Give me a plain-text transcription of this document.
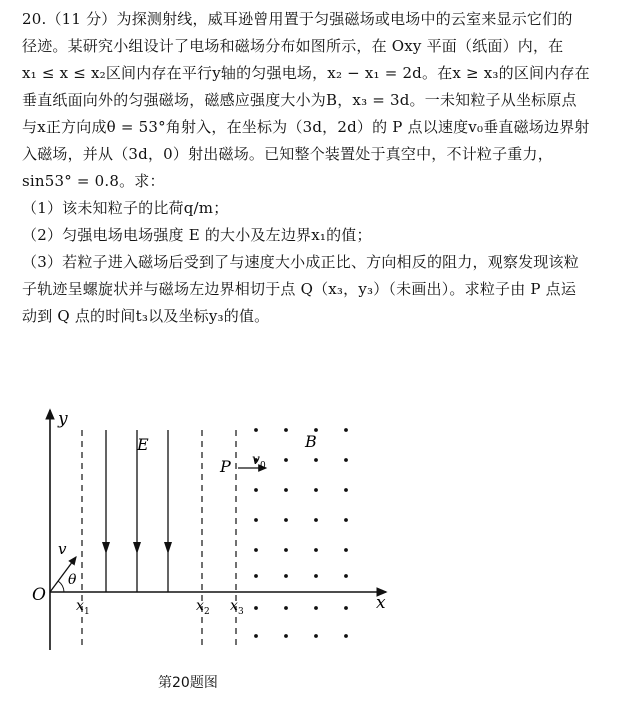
20.（11 分）为探测射线，威耳逊曾用置于匀强磁场或电场中的云室来显示它们的
径迹。某研究小组设计了电场和磁场分布如图所示，在 Oxy 平面（纸面）内，在
x₁ ≤ x ≤ x₂区间内存在平行y轴的匀强电场，x₂ − x₁ = 2d。在x ≥ x₃的区间内存在
垂直纸面向外的匀强磁场，磁感应强度大小为B，x₃ = 3d。一未知粒子从坐标原点
与x正方向成θ = 53°角射入，在坐标为（3d，2d）的 P 点以速度v₀垂直磁场边界射
入磁场，并从（3d，0）射出磁场。已知整个装置处于真空中，不计粒子重力，
sin53° = 0.8。求：
（1）该未知粒子的比荷q/m；
（2）匀强电场电场强度 E 的大小及左边界x₁的值；
（3）若粒子进入磁场后受到了与速度大小成正比、方向相反的阻力，观察发现该粒
子轨迹呈螺旋状并与磁场左边界相切于点 Q（x₃，y₃）（未画出）。求粒子由 P 点运
动到 Q 点的时间t₃以及坐标y₃的值。
y
x
O
E	B
P v 0
v
θ
x 1	x 2 x 3
第20题图
